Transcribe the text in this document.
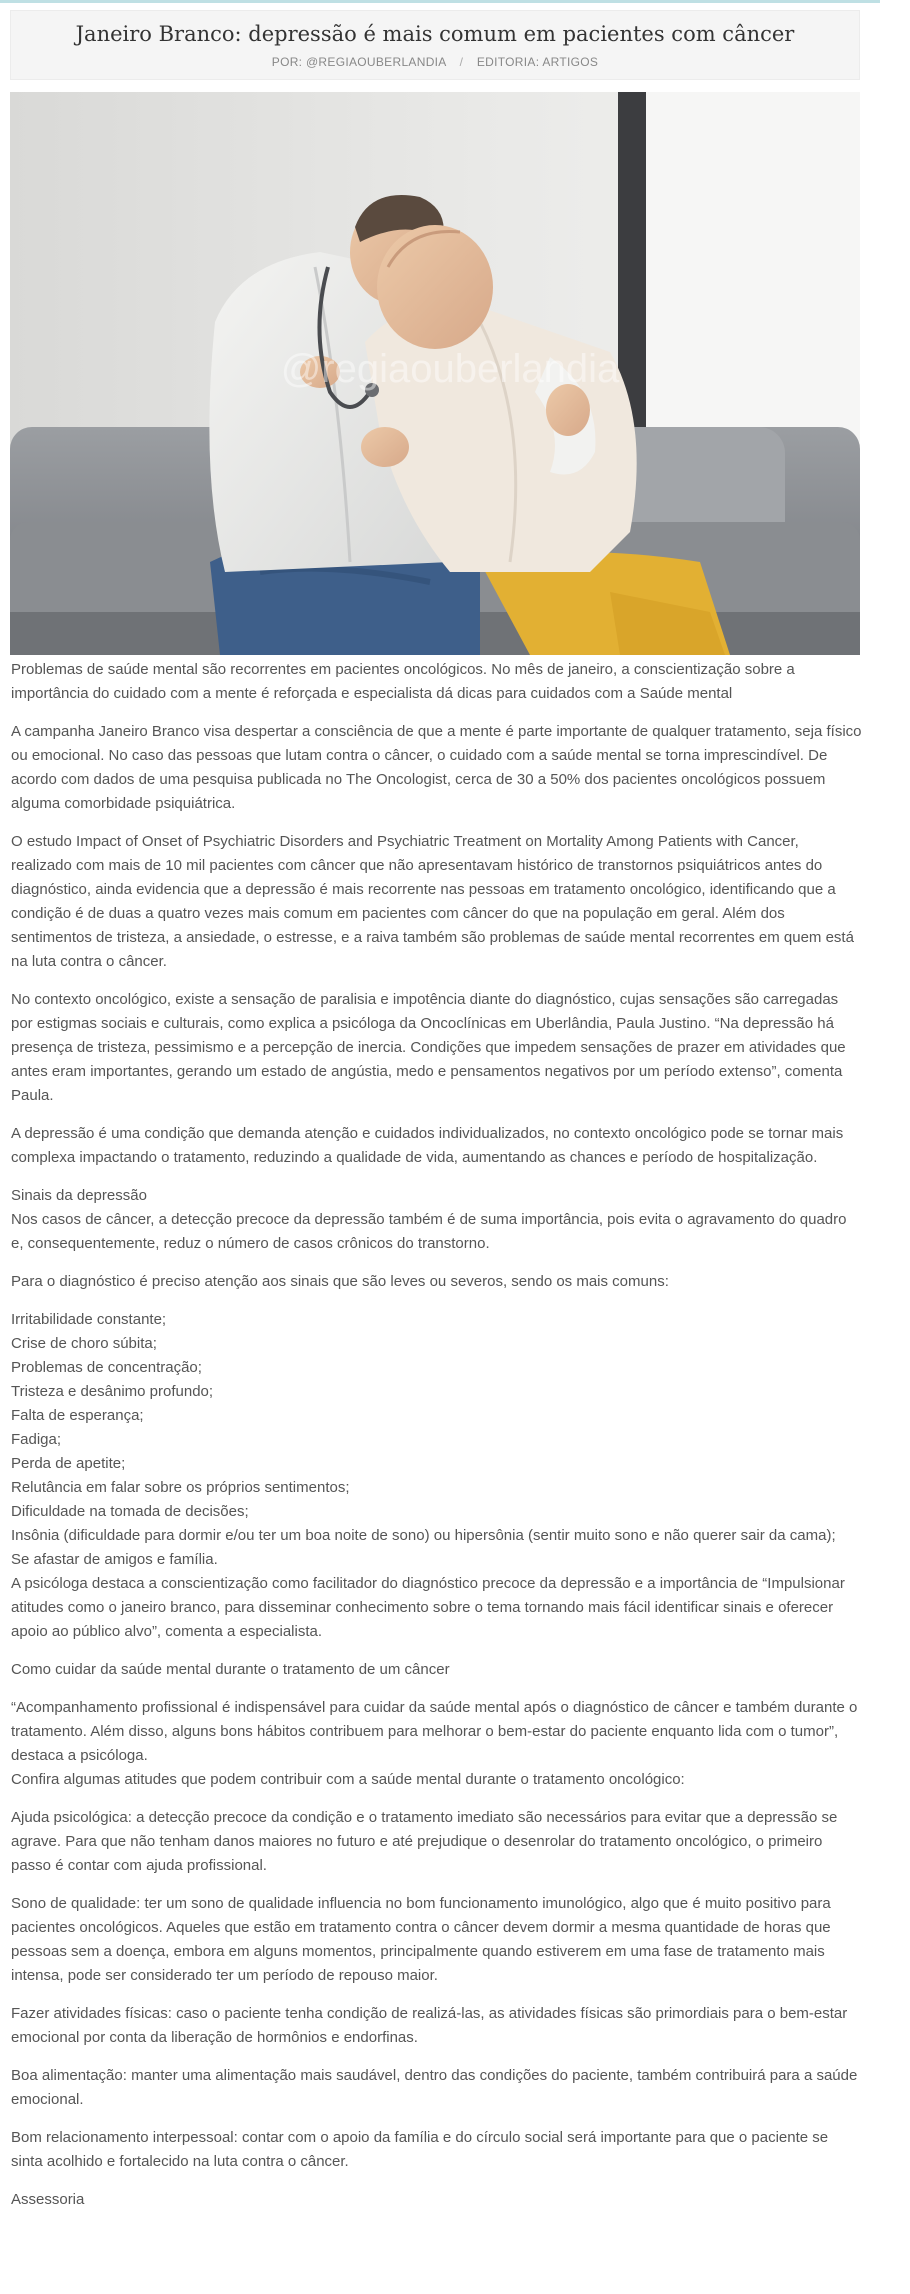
Janeiro Branco: depressão é mais comum em pacientes com câncer
POR: @REGIAOUBERLANDIA / EDITORIA: ARTIGOS
@regiaouberlandia

Problemas de saúde mental são recorrentes em pacientes oncológicos. No mês de janeiro, a conscientização sobre a importância do cuidado com a mente é reforçada e especialista dá dicas para cuidados com a Saúde mental

A campanha Janeiro Branco visa despertar a consciência de que a mente é parte importante de qualquer tratamento, seja físico ou emocional. No caso das pessoas que lutam contra o câncer, o cuidado com a saúde mental se torna imprescindível. De acordo com dados de uma pesquisa publicada no The Oncologist, cerca de 30 a 50% dos pacientes oncológicos possuem alguma comorbidade psiquiátrica.

O estudo Impact of Onset of Psychiatric Disorders and Psychiatric Treatment on Mortality Among Patients with Cancer, realizado com mais de 10 mil pacientes com câncer que não apresentavam histórico de transtornos psiquiátricos antes do diagnóstico, ainda evidencia que a depressão é mais recorrente nas pessoas em tratamento oncológico, identificando que a condição é de duas a quatro vezes mais comum em pacientes com câncer do que na população em geral. Além dos sentimentos de tristeza, a ansiedade, o estresse, e a raiva também são problemas de saúde mental recorrentes em quem está na luta contra o câncer.

No contexto oncológico, existe a sensação de paralisia e impotência diante do diagnóstico, cujas sensações são carregadas por estigmas sociais e culturais, como explica a psicóloga da Oncoclínicas em Uberlândia, Paula Justino. “Na depressão há presença de tristeza, pessimismo e a percepção de inercia. Condições que impedem sensações de prazer em atividades que antes eram importantes, gerando um estado de angústia, medo e pensamentos negativos por um período extenso”, comenta Paula.

A depressão é uma condição que demanda atenção e cuidados individualizados, no contexto oncológico pode se tornar mais complexa impactando o tratamento, reduzindo a qualidade de vida, aumentando as chances e período de hospitalização.

Sinais da depressão

Nos casos de câncer, a detecção precoce da depressão também é de suma importância, pois evita o agravamento do quadro e, consequentemente, reduz o número de casos crônicos do transtorno.

Para o diagnóstico é preciso atenção aos sinais que são leves ou severos, sendo os mais comuns:

Irritabilidade constante;
Crise de choro súbita;
Problemas de concentração;
Tristeza e desânimo profundo;
Falta de esperança;
Fadiga;
Perda de apetite;
Relutância em falar sobre os próprios sentimentos;
Dificuldade na tomada de decisões;
Insônia (dificuldade para dormir e/ou ter um boa noite de sono) ou hipersônia (sentir muito sono e não querer sair da cama);
Se afastar de amigos e família.

A psicóloga destaca a conscientização como facilitador do diagnóstico precoce da depressão e a importância de “Impulsionar atitudes como o janeiro branco, para disseminar conhecimento sobre o tema tornando mais fácil identificar sinais e oferecer apoio ao público alvo”, comenta a especialista.

Como cuidar da saúde mental durante o tratamento de um câncer

“Acompanhamento profissional é indispensável para cuidar da saúde mental após o diagnóstico de câncer e também durante o tratamento. Além disso, alguns bons hábitos contribuem para melhorar o bem-estar do paciente enquanto lida com o tumor”, destaca a psicóloga.

Confira algumas atitudes que podem contribuir com a saúde mental durante o tratamento oncológico:

Ajuda psicológica: a detecção precoce da condição e o tratamento imediato são necessários para evitar que a depressão se agrave. Para que não tenham danos maiores no futuro e até prejudique o desenrolar do tratamento oncológico, o primeiro passo é contar com ajuda profissional.

Sono de qualidade: ter um sono de qualidade influencia no bom funcionamento imunológico, algo que é muito positivo para pacientes oncológicos. Aqueles que estão em tratamento contra o câncer devem dormir a mesma quantidade de horas que pessoas sem a doença, embora em alguns momentos, principalmente quando estiverem em uma fase de tratamento mais intensa, pode ser considerado ter um período de repouso maior.

Fazer atividades físicas: caso o paciente tenha condição de realizá-las, as atividades físicas são primordiais para o bem-estar emocional por conta da liberação de hormônios e endorfinas.

Boa alimentação: manter uma alimentação mais saudável, dentro das condições do paciente, também contribuirá para a saúde emocional.

Bom relacionamento interpessoal: contar com o apoio da família e do círculo social será importante para que o paciente se sinta acolhido e fortalecido na luta contra o câncer.

Assessoria
